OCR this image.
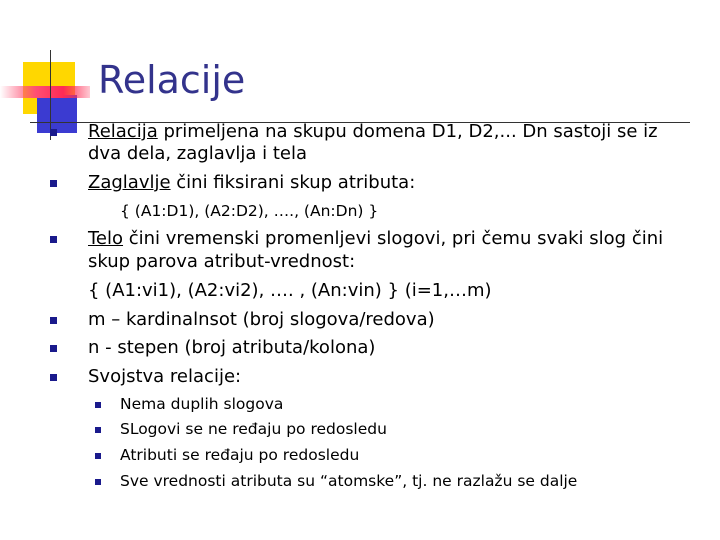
Relacije
Relacija primeljena na skupu domena D1, D2,... Dn sastoji se iz
dva dela, zaglavlja i tela
Zaglavlje čini fiksirani skup atributa:
{ (A1:D1), (A2:D2), …., (An:Dn) }
Telo čini vremenski promenljevi slogovi, pri čemu svaki slog čini
skup parova atribut-vrednost:
{ (A1:vi1), (A2:vi2), …. , (An:vin) } (i=1,…m)
m – kardinalnsot (broj slogova/redova)
n - stepen (broj atributa/kolona)
Svojstva relacije:
Nema duplih slogova
SLogovi se ne ređaju po redosledu
Atributi se ređaju po redosledu
Sve vrednosti atributa su “atomske”, tj. ne razlažu se dalje
